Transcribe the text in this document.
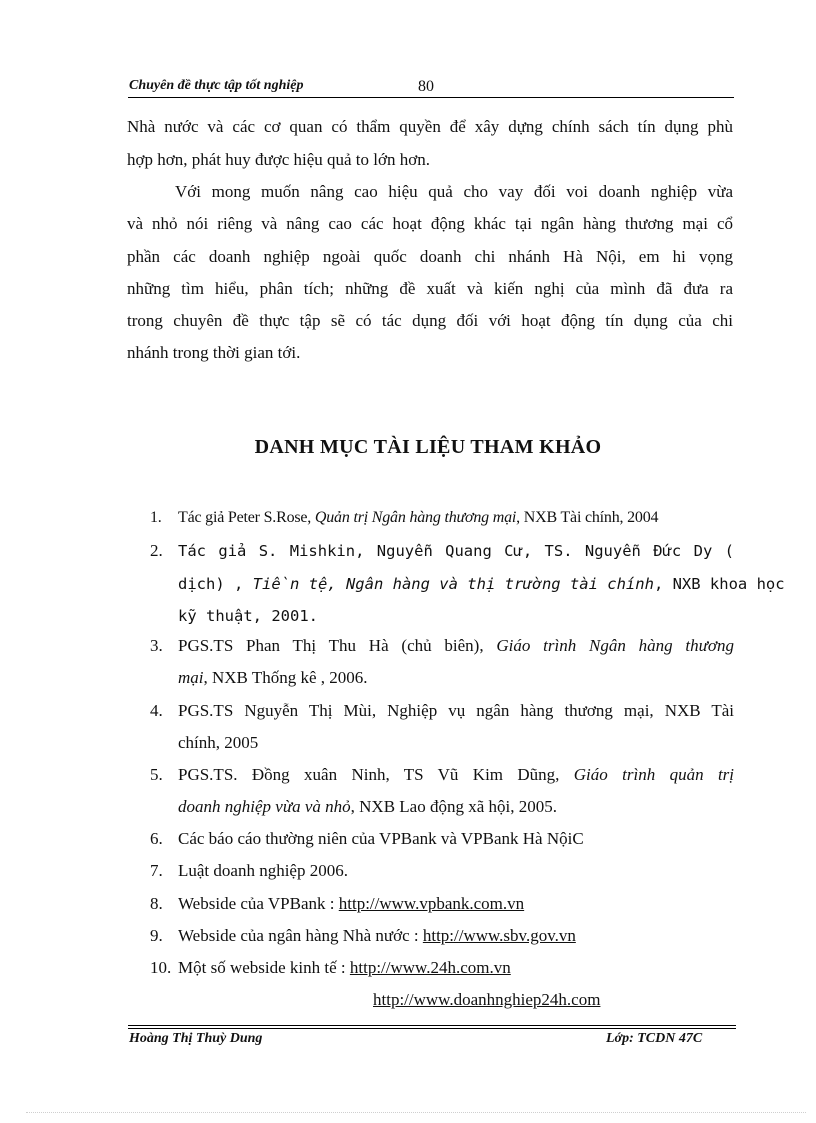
Chuyên đề thực tập tốt nghiệp	80
Nhà nước và các cơ quan có thẩm quyền để xây dựng chính sách tín dụng phù
hợp hơn, phát huy được hiệu quả to lớn hơn.
Với mong muốn nâng cao hiệu quả cho vay đối voi doanh nghiệp vừa
và nhỏ nói riêng và nâng cao các hoạt động khác tại ngân hàng thương mại cổ
phần các doanh nghiệp ngoài quốc doanh chi nhánh Hà Nội, em hi vọng
những tìm hiểu, phân tích; những đề xuất và kiến nghị của mình đã đưa ra
trong chuyên đề thực tập sẽ có tác dụng đối với hoạt động tín dụng của chi
nhánh trong thời gian tới.
DANH MỤC TÀI LIỆU THAM KHẢO
1. Tác giả Peter S.Rose, Quản trị Ngân hàng thương mại, NXB Tài chính, 2004
2. Tác giả S. Mishkin, Nguyễn Quang Cư, TS. Nguyễn Đức Dy (
dịch) , Tiền tệ, Ngân hàng và thị trường tài chính, NXB khoa học
kỹ thuật, 2001.
3. PGS.TS Phan Thị Thu Hà (chủ biên), Giáo trình Ngân hàng thương
mại, NXB Thống kê , 2006.
4. PGS.TS Nguyễn Thị Mùi, Nghiệp vụ ngân hàng thương mại, NXB Tài
chính, 2005
5. PGS.TS. Đồng xuân Ninh, TS Vũ Kim Dũng, Giáo trình quản trị
doanh nghiệp vừa và nhỏ, NXB Lao động xã hội, 2005.
6. Các báo cáo thường niên của VPBank và VPBank Hà NộiC
7. Luật doanh nghiệp 2006.
8. Webside của VPBank : http://www.vpbank.com.vn
9. Webside của ngân hàng Nhà nước : http://www.sbv.gov.vn
10. Một số webside kinh tế : http://www.24h.com.vn
http://www.doanhnghiep24h.com
Hoàng Thị Thuỳ Dung	Lớp: TCDN 47C
